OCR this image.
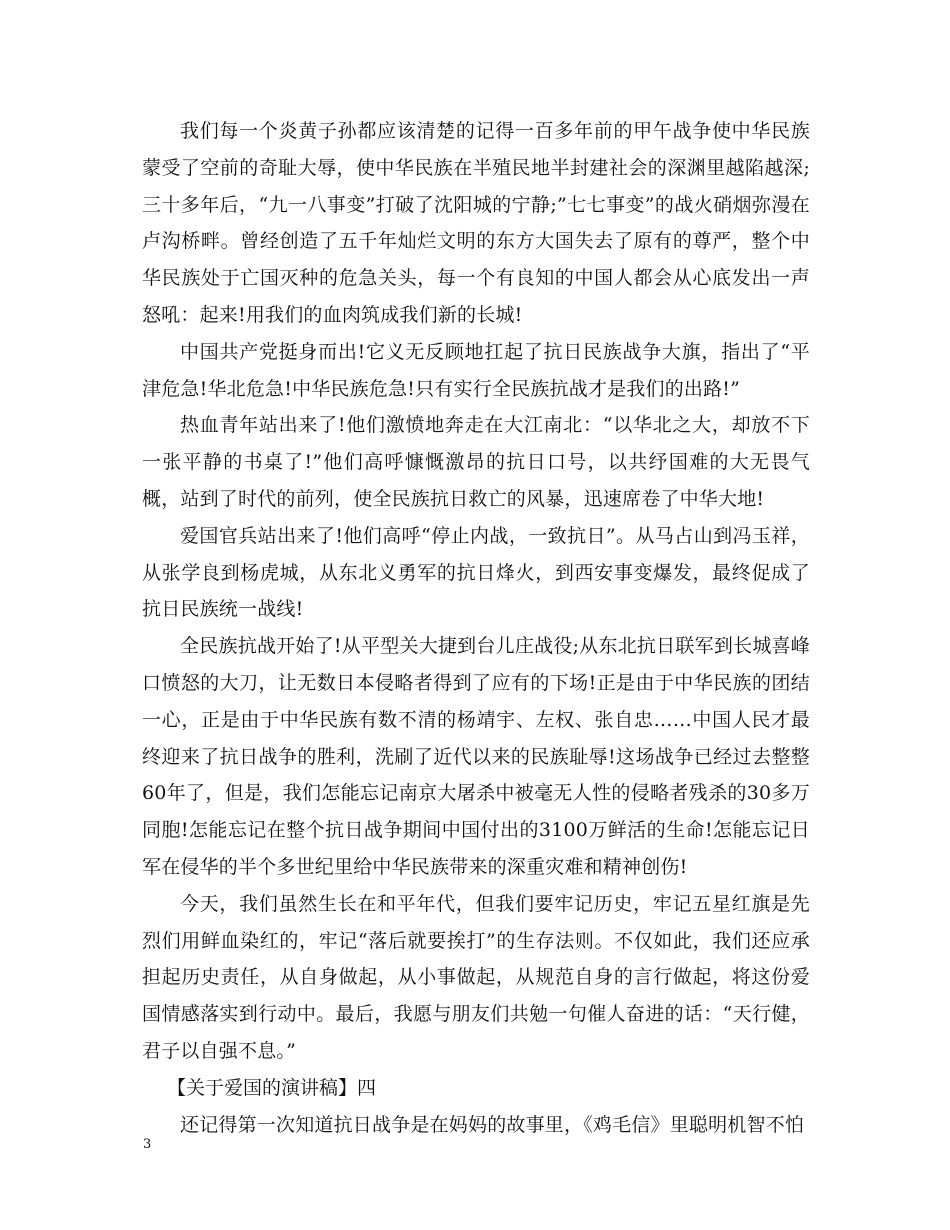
我们每一个炎黄子孙都应该清楚的记得一百多年前的甲午战争使中华民族蒙受了空前的奇耻大辱，使中华民族在半殖民地半封建社会的深渊里越陷越深;三十多年后，“九一八事变”打破了沈阳城的宁静;”七七事变”的战火硝烟弥漫在卢沟桥畔。曾经创造了五千年灿烂文明的东方大国失去了原有的尊严，整个中华民族处于亡国灭种的危急关头，每一个有良知的中国人都会从心底发出一声怒吼：起来!用我们的血肉筑成我们新的长城!

中国共产党挺身而出!它义无反顾地扛起了抗日民族战争大旗，指出了“平津危急!华北危急!中华民族危急!只有实行全民族抗战才是我们的出路!”

热血青年站出来了!他们激愤地奔走在大江南北：“以华北之大，却放不下一张平静的书桌了!”他们高呼慷慨激昂的抗日口号，以共纾国难的大无畏气概，站到了时代的前列，使全民族抗日救亡的风暴，迅速席卷了中华大地!

爱国官兵站出来了!他们高呼“停止内战，一致抗日”。从马占山到冯玉祥，从张学良到杨虎城，从东北义勇军的抗日烽火，到西安事变爆发，最终促成了抗日民族统一战线!

全民族抗战开始了!从平型关大捷到台儿庄战役;从东北抗日联军到长城喜峰口愤怒的大刀，让无数日本侵略者得到了应有的下场!正是由于中华民族的团结一心，正是由于中华民族有数不清的杨靖宇、左权、张自忠……中国人民才最终迎来了抗日战争的胜利，洗刷了近代以来的民族耻辱!这场战争已经过去整整60年了，但是，我们怎能忘记南京大屠杀中被毫无人性的侵略者残杀的30多万同胞!怎能忘记在整个抗日战争期间中国付出的3100万鲜活的生命!怎能忘记日军在侵华的半个多世纪里给中华民族带来的深重灾难和精神创伤!

今天，我们虽然生长在和平年代，但我们要牢记历史，牢记五星红旗是先烈们用鲜血染红的，牢记“落后就要挨打”的生存法则。不仅如此，我们还应承担起历史责任，从自身做起，从小事做起，从规范自身的言行做起，将这份爱国情感落实到行动中。最后，我愿与朋友们共勉一句催人奋进的话：“天行健，君子以自强不息。”

【关于爱国的演讲稿】四

还记得第一次知道抗日战争是在妈妈的故事里，《鸡毛信》里聪明机智不怕

3
